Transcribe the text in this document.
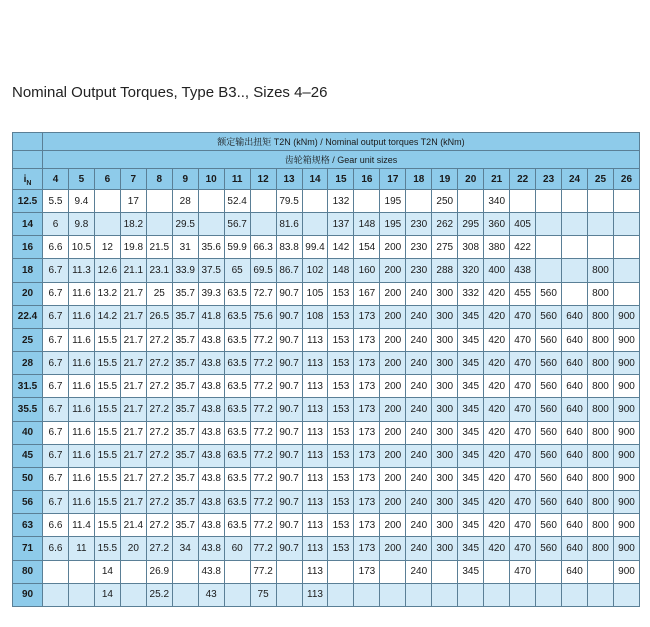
Nominal Output Torques, Type B3.., Sizes 4–26
	额定输出扭矩 T2N (kNm) / Nominal output torques T2N (kNm)																						
	齿轮箱规格 / Gear unit sizes																						
$i_N$	4	5	6	7	8	9	10	11	12	13	14	15	16	17	18	19	20	21	22	23	24	25	26
12.5	5.5	9.4		17		28		52.4		79.5		132		195		250		340					
14	6	9.8		18.2		29.5		56.7		81.6		137	148	195	230	262	295	360	405				
16	6.6	10.5	12	19.8	21.5	31	35.6	59.9	66.3	83.8	99.4	142	154	200	230	275	308	380	422				
18	6.7	11.3	12.6	21.1	23.1	33.9	37.5	65	69.5	86.7	102	148	160	200	230	288	320	400	438			800	
20	6.7	11.6	13.2	21.7	25	35.7	39.3	63.5	72.7	90.7	105	153	167	200	240	300	332	420	455	560		800	
22.4	6.7	11.6	14.2	21.7	26.5	35.7	41.8	63.5	75.6	90.7	108	153	173	200	240	300	345	420	470	560	640	800	900
25	6.7	11.6	15.5	21.7	27.2	35.7	43.8	63.5	77.2	90.7	113	153	173	200	240	300	345	420	470	560	640	800	900
28	6.7	11.6	15.5	21.7	27.2	35.7	43.8	63.5	77.2	90.7	113	153	173	200	240	300	345	420	470	560	640	800	900
31.5	6.7	11.6	15.5	21.7	27.2	35.7	43.8	63.5	77.2	90.7	113	153	173	200	240	300	345	420	470	560	640	800	900
35.5	6.7	11.6	15.5	21.7	27.2	35.7	43.8	63.5	77.2	90.7	113	153	173	200	240	300	345	420	470	560	640	800	900
40	6.7	11.6	15.5	21.7	27.2	35.7	43.8	63.5	77.2	90.7	113	153	173	200	240	300	345	420	470	560	640	800	900
45	6.7	11.6	15.5	21.7	27.2	35.7	43.8	63.5	77.2	90.7	113	153	173	200	240	300	345	420	470	560	640	800	900
50	6.7	11.6	15.5	21.7	27.2	35.7	43.8	63.5	77.2	90.7	113	153	173	200	240	300	345	420	470	560	640	800	900
56	6.7	11.6	15.5	21.7	27.2	35.7	43.8	63.5	77.2	90.7	113	153	173	200	240	300	345	420	470	560	640	800	900
63	6.6	11.4	15.5	21.4	27.2	35.7	43.8	63.5	77.2	90.7	113	153	173	200	240	300	345	420	470	560	640	800	900
71	6.6	11	15.5	20	27.2	34	43.8	60	77.2	90.7	113	153	173	200	240	300	345	420	470	560	640	800	900
80			14		26.9		43.8		77.2		113		173		240		345		470		640		900
90			14		25.2		43		75		113												
